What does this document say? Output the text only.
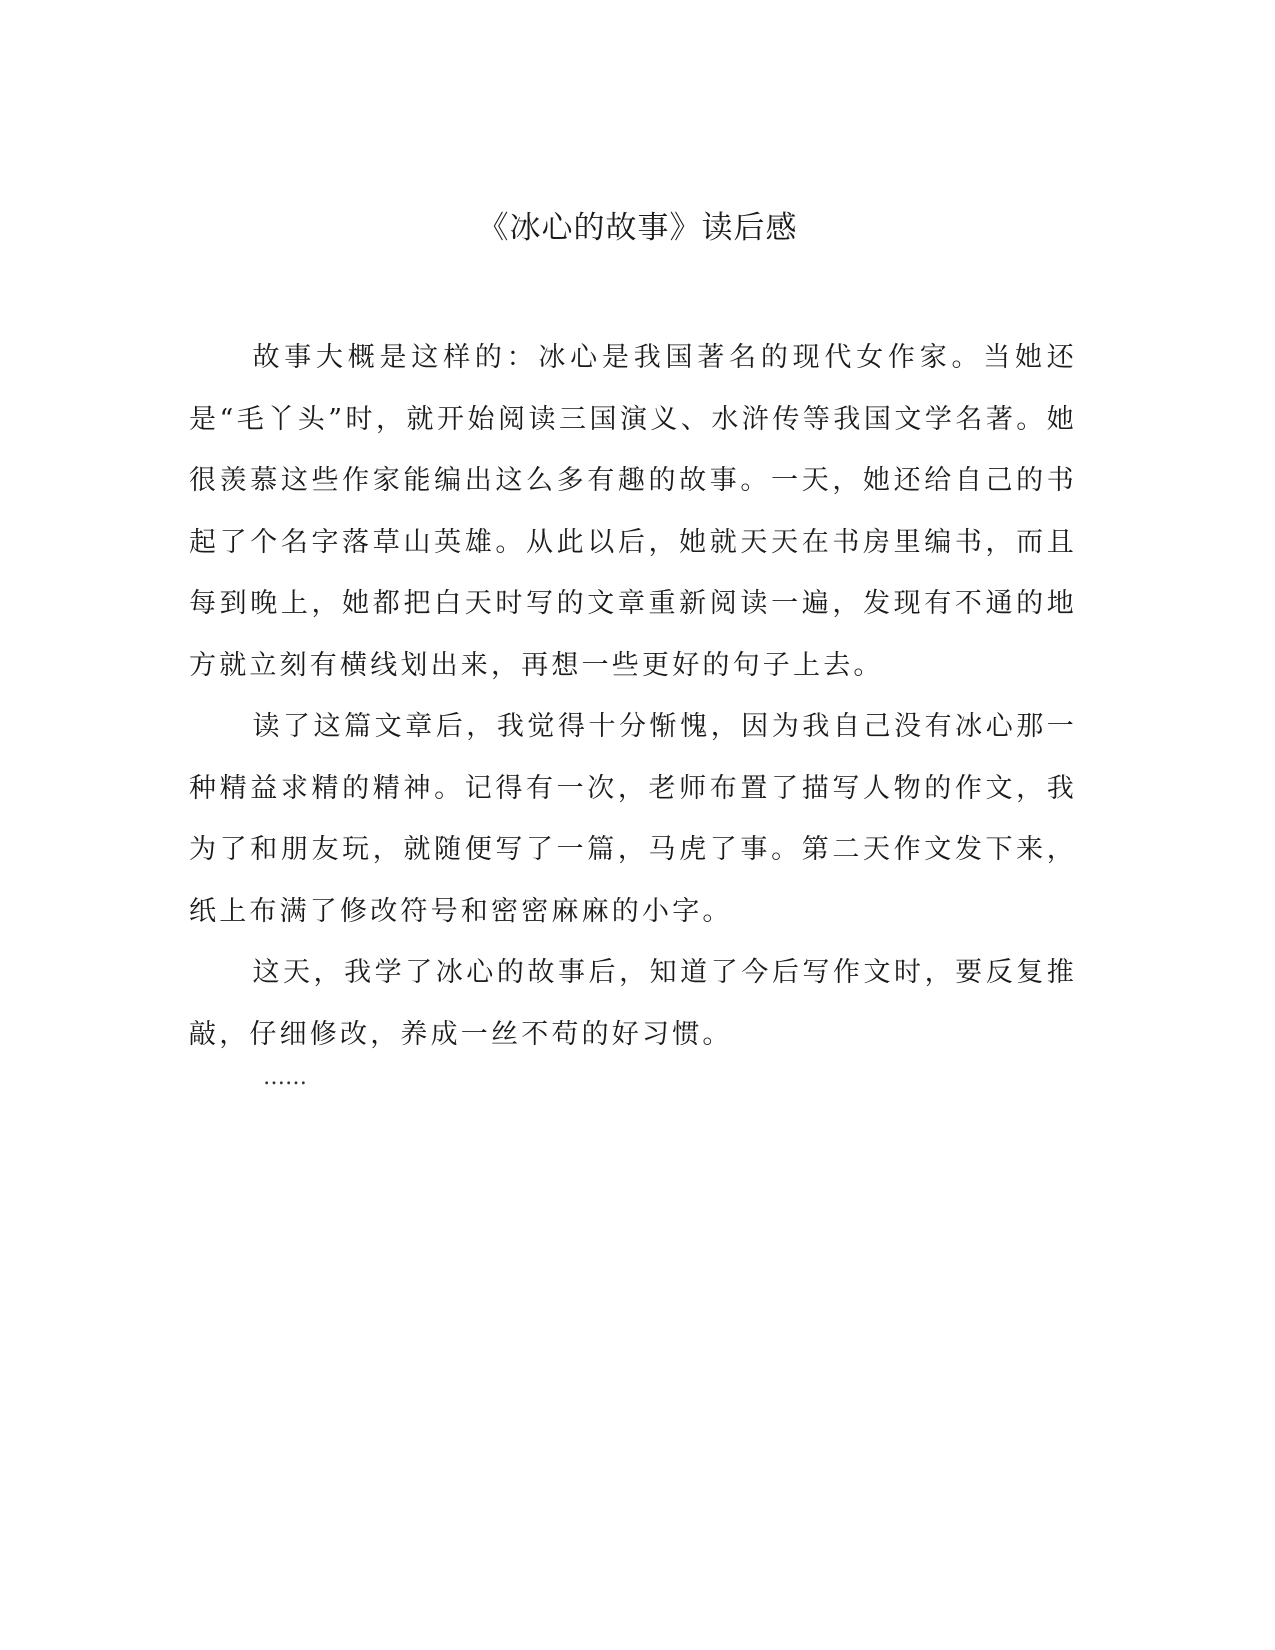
《冰心的故事》读后感

故事大概是这样的：冰心是我国著名的现代女作家。当她还是“毛丫头”时，就开始阅读三国演义、水浒传等我国文学名著。她很羡慕这些作家能编出这么多有趣的故事。一天，她还给自己的书起了个名字落草山英雄。从此以后，她就天天在书房里编书，而且每到晚上，她都把白天时写的文章重新阅读一遍，发现有不通的地方就立刻有横线划出来，再想一些更好的句子上去。

读了这篇文章后，我觉得十分惭愧，因为我自己没有冰心那一种精益求精的精神。记得有一次，老师布置了描写人物的作文，我为了和朋友玩，就随便写了一篇，马虎了事。第二天作文发下来，纸上布满了修改符号和密密麻麻的小字。

这天，我学了冰心的故事后，知道了今后写作文时，要反复推敲，仔细修改，养成一丝不苟的好习惯。

……
